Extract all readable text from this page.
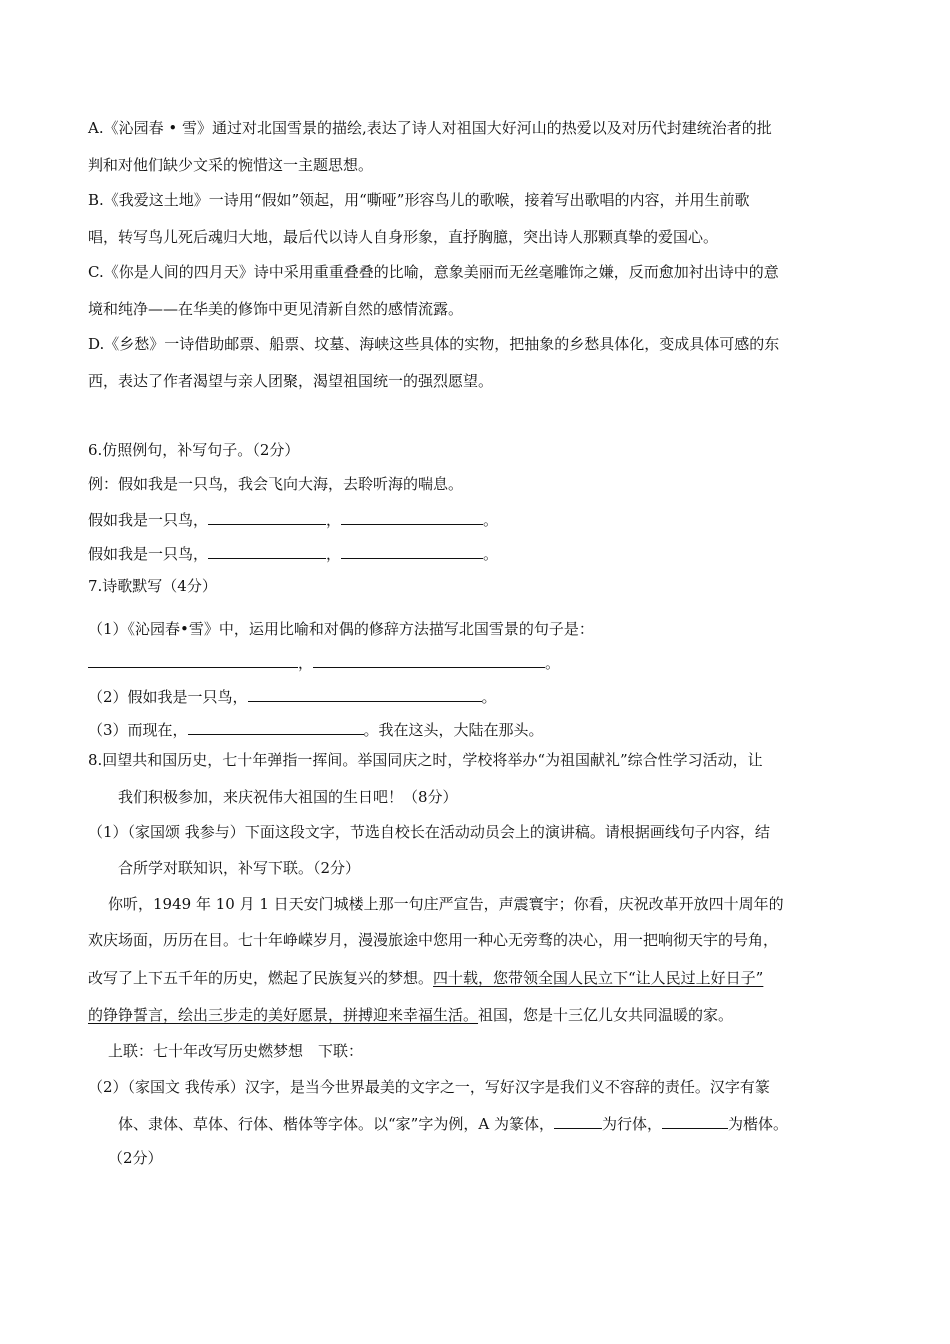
A.《沁园春 • 雪》通过对北国雪景的描绘,表达了诗人对祖国大好河山的热爱以及对历代封建统治者的批
判和对他们缺少文采的惋惜这一主题思想。
B.《我爱这土地》一诗用“假如”领起，用“嘶哑”形容鸟儿的歌喉，接着写出歌唱的内容，并用生前歌
唱，转写鸟儿死后魂归大地，最后代以诗人自身形象，直抒胸臆，突出诗人那颗真挚的爱国心。
C.《你是人间的四月天》诗中采用重重叠叠的比喻，意象美丽而无丝毫雕饰之嫌，反而愈加衬出诗中的意
境和纯净——在华美的修饰中更见清新自然的感情流露。
D.《乡愁》一诗借助邮票、船票、坟墓、海峡这些具体的实物，把抽象的乡愁具体化，变成具体可感的东
西，表达了作者渴望与亲人团聚，渴望祖国统一的强烈愿望。
6.仿照例句，补写句子。（2分）
例：假如我是一只鸟，我会飞向大海，去聆听海的喘息。
假如我是一只鸟，	，	。
假如我是一只鸟，	，	。
7.诗歌默写（4分）
（1）《沁园春•雪》中，运用比喻和对偶的修辞方法描写北国雪景的句子是：
，	。
（2）假如我是一只鸟，	。
（3）而现在，	。我在这头，大陆在那头。
8.回望共和国历史，七十年弹指一挥间。举国同庆之时，学校将举办“为祖国献礼”综合性学习活动，让
我们积极参加，来庆祝伟大祖国的生日吧！（8分）
（1）（家国颂 我参与）下面这段文字，节选自校长在活动动员会上的演讲稿。请根据画线句子内容，结
合所学对联知识，补写下联。（2分）
你听，1949 年 10 月 1 日天安门城楼上那一句庄严宣告，声震寰宇；你看，庆祝改革开放四十周年的
欢庆场面，历历在目。七十年峥嵘岁月，漫漫旅途中您用一种心无旁骛的决心，用一把响彻天宇的号角，
改写了上下五千年的历史，燃起了民族复兴的梦想。四十载，您带领全国人民立下“让人民过上好日子”
的铮铮誓言，绘出三步走的美好愿景，拼搏迎来幸福生活。祖国，您是十三亿儿女共同温暖的家。
上联：七十年改写历史燃梦想　下联：
（2）（家国文 我传承）汉字，是当今世界最美的文字之一，写好汉字是我们义不容辞的责任。汉字有篆
体、隶体、草体、行体、楷体等字体。以“家”字为例，A 为篆体，	为行体，	为楷体。
（2分）
